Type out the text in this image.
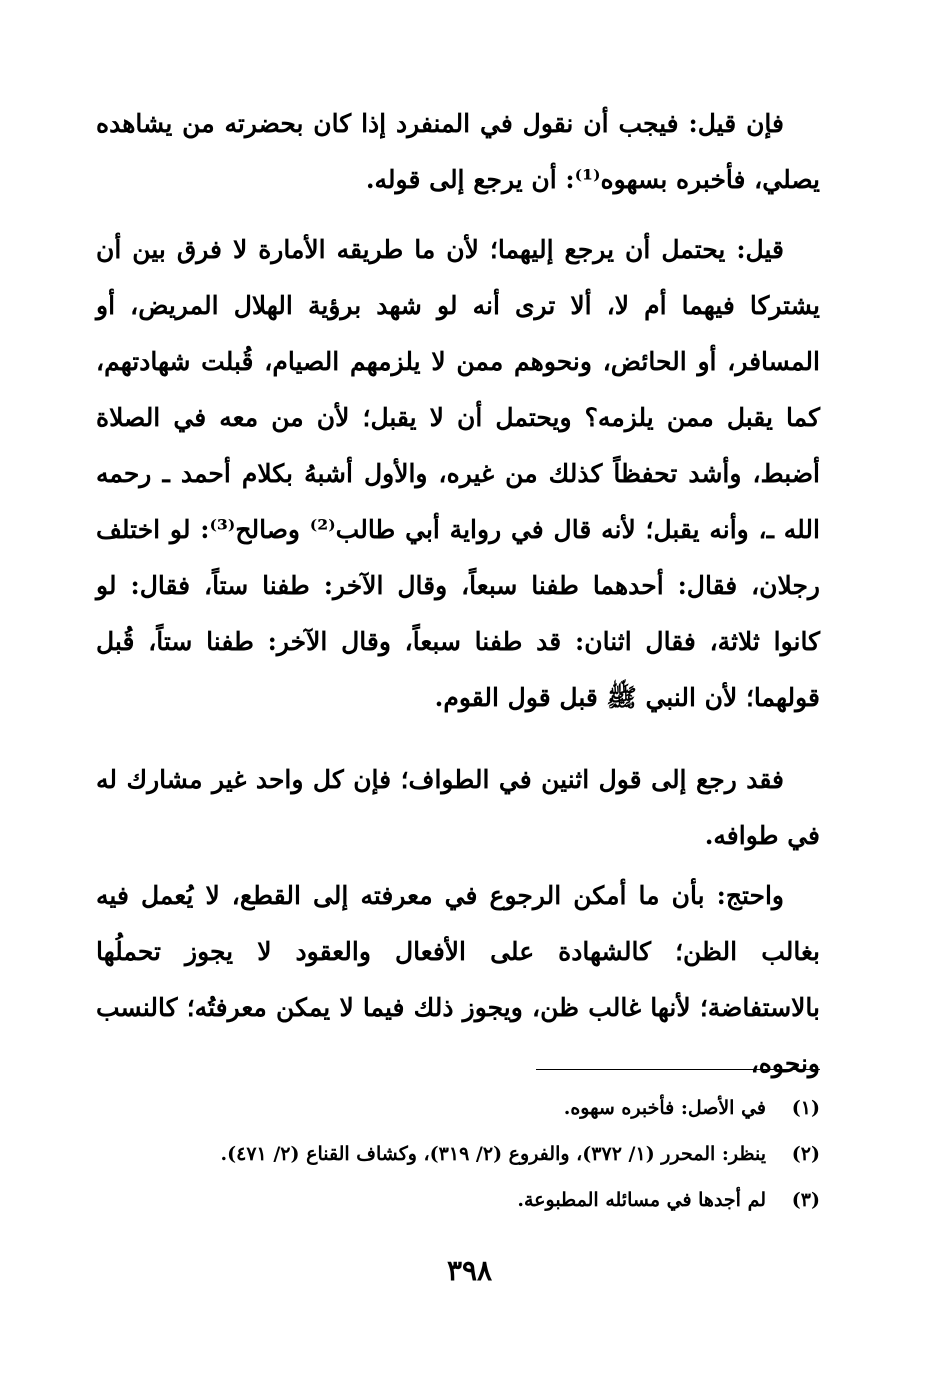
فإن قيل: فيجب أن نقول في المنفرد إذا كان بحضرته من يشاهده يصلي، فأخبره بسهوه⁽¹⁾: أن يرجع إلى قوله.

قيل: يحتمل أن يرجع إليهما؛ لأن ما طريقه الأمارة لا فرق بين أن يشتركا فيهما أم لا، ألا ترى أنه لو شهد برؤية الهلال المريض، أو المسافر، أو الحائض، ونحوهم ممن لا يلزمهم الصيام، قُبلت شهادتهم، كما يقبل ممن يلزمه؟ ويحتمل أن لا يقبل؛ لأن من معه في الصلاة أضبط، وأشد تحفظاً كذلك من غيره، والأول أشبهُ بكلام أحمد ـ رحمه الله ـ، وأنه يقبل؛ لأنه قال في رواية أبي طالب⁽²⁾ وصالح⁽³⁾: لو اختلف رجلان، فقال: أحدهما طفنا سبعاً، وقال الآخر: طفنا ستاً، فقال: لو كانوا ثلاثة، فقال اثنان: قد طفنا سبعاً، وقال الآخر: طفنا ستاً، قُبل قولهما؛ لأن النبي ﷺ قبل قول القوم.

فقد رجع إلى قول اثنين في الطواف؛ فإن كل واحد غير مشارك له في طوافه.

واحتج: بأن ما أمكن الرجوع في معرفته إلى القطع، لا يُعمل فيه بغالب الظن؛ كالشهادة على الأفعال والعقود لا يجوز تحملُها بالاستفاضة؛ لأنها غالب ظن، ويجوز ذلك فيما لا يمكن معرفتُه؛ كالنسب ونحوه،

(١)
في الأصل: فأخبره سهوه.
(٢)
ينظر: المحرر (١/ ٣٧٢)، والفروع (٢/ ٣١٩)، وكشاف القناع (٢/ ٤٧١).
(٣)
لم أجدها في مسائله المطبوعة.
٣٩٨
